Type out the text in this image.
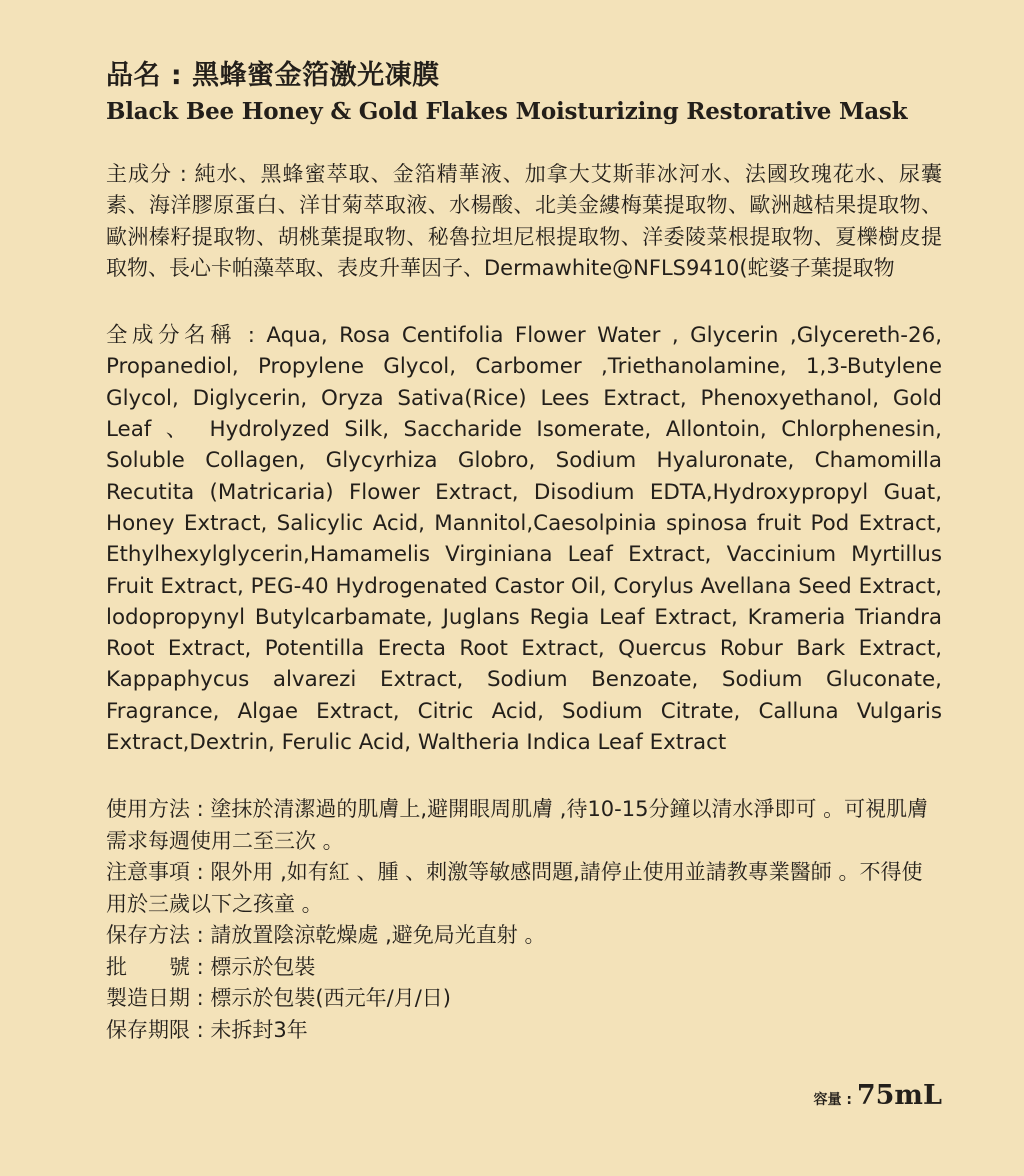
品名 : 黑蜂蜜金箔激光凍膜
Black Bee Honey & Gold Flakes Moisturizing Restorative Mask

主成分 : 純水、黑蜂蜜萃取、金箔精華液、加拿大艾斯菲冰河水、法國玫瑰花水、尿囊素、海洋膠原蛋白、洋甘菊萃取液、水楊酸、北美金縷梅葉提取物、歐洲越桔果提取物、歐洲榛籽提取物、胡桃葉提取物、秘魯拉坦尼根提取物、洋委陵菜根提取物、夏櫟樹皮提取物、長心卡帕藻萃取、表皮升華因子、Dermawhite@NFLS9410(蛇婆子葉提取物

全成分名稱 : Aqua, Rosa Centifolia Flower Water , Glycerin ,Glycereth-26, Propanediol, Propylene Glycol, Carbomer ,Triethanolamine, 1,3-Butylene Glycol, Diglycerin, Oryza Sativa(Rice) Lees Extract, Phenoxyethanol, Gold Leaf 、 Hydrolyzed Silk, Saccharide Isomerate, Allontoin, Chlorphenesin, Soluble Collagen, Glycyrhiza Globro, Sodium Hyaluronate, Chamomilla Recutita (Matricaria) Flower Extract, Disodium EDTA,Hydroxypropyl Guat, Honey Extract, Salicylic Acid, Mannitol,Caesolpinia spinosa fruit Pod Extract, Ethylhexylglycerin,Hamamelis Virginiana Leaf Extract, Vaccinium Myrtillus Fruit Extract, PEG-40 Hydrogenated Castor Oil, Corylus Avellana Seed Extract, lodopropynyl Butylcarbamate, Juglans Regia Leaf Extract, Krameria Triandra Root Extract, Potentilla Erecta Root Extract, Quercus Robur Bark Extract, Kappaphycus alvarezi Extract, Sodium Benzoate, Sodium Gluconate, Fragrance, Algae Extract, Citric Acid, Sodium Citrate, Calluna Vulgaris Extract,Dextrin, Ferulic Acid, Waltheria Indica Leaf Extract

使用方法 : 塗抹於清潔過的肌膚上,避開眼周肌膚 ,待10-15分鐘以清水淨即可 。可視肌膚需求每週使用二至三次 。

注意事項 : 限外用 ,如有紅 、腫 、刺激等敏感問題,請停止使用並請教專業醫師 。不得使用於三歲以下之孩童 。

保存方法 : 請放置陰涼乾燥處 ,避免局光直射 。

批　　號 : 標示於包裝

製造日期 : 標示於包裝(西元年/月/日)

保存期限 : 未拆封3年

容量 : 75mL
